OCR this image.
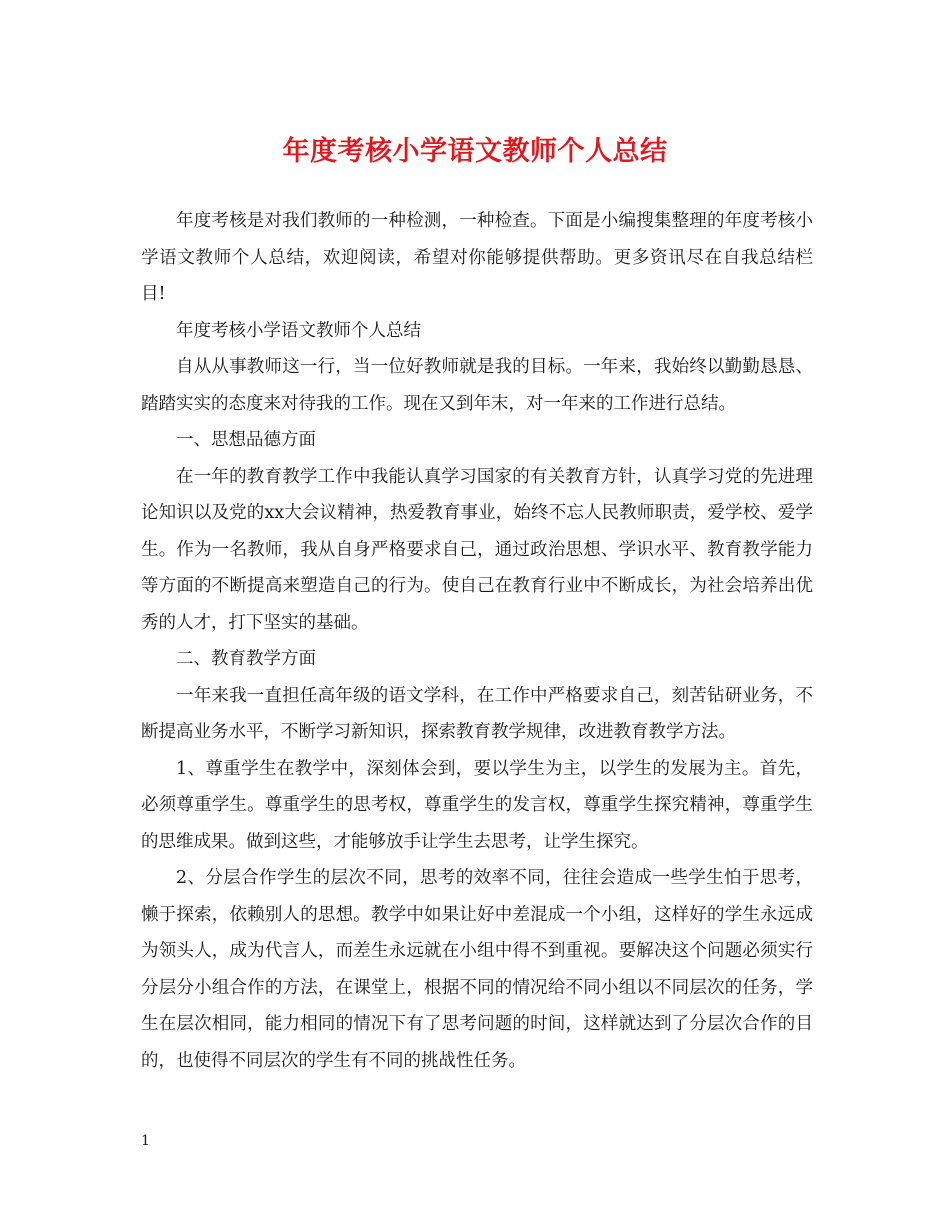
年度考核小学语文教师个人总结

年度考核是对我们教师的一种检测，一种检查。下面是小编搜集整理的年度考核小学语文教师个人总结，欢迎阅读，希望对你能够提供帮助。更多资讯尽在自我总结栏目!

年度考核小学语文教师个人总结

自从从事教师这一行，当一位好教师就是我的目标。一年来，我始终以勤勤恳恳、踏踏实实的态度来对待我的工作。现在又到年末，对一年来的工作进行总结。

一、思想品德方面

在一年的教育教学工作中我能认真学习国家的有关教育方针，认真学习党的先进理论知识以及党的xx大会议精神，热爱教育事业，始终不忘人民教师职责，爱学校、爱学生。作为一名教师，我从自身严格要求自己，通过政治思想、学识水平、教育教学能力等方面的不断提高来塑造自己的行为。使自己在教育行业中不断成长，为社会培养出优秀的人才，打下坚实的基础。

二、教育教学方面

一年来我一直担任高年级的语文学科，在工作中严格要求自己，刻苦钻研业务，不断提高业务水平，不断学习新知识，探索教育教学规律，改进教育教学方法。

1、尊重学生在教学中，深刻体会到，要以学生为主，以学生的发展为主。首先，必须尊重学生。尊重学生的思考权，尊重学生的发言权，尊重学生探究精神，尊重学生的思维成果。做到这些，才能够放手让学生去思考，让学生探究。

2、分层合作学生的层次不同，思考的效率不同，往往会造成一些学生怕于思考，懒于探索，依赖别人的思想。教学中如果让好中差混成一个小组，这样好的学生永远成为领头人，成为代言人，而差生永远就在小组中得不到重视。要解决这个问题必须实行分层分小组合作的方法，在课堂上，根据不同的情况给不同小组以不同层次的任务，学生在层次相同，能力相同的情况下有了思考问题的时间，这样就达到了分层次合作的目的，也使得不同层次的学生有不同的挑战性任务。

1
